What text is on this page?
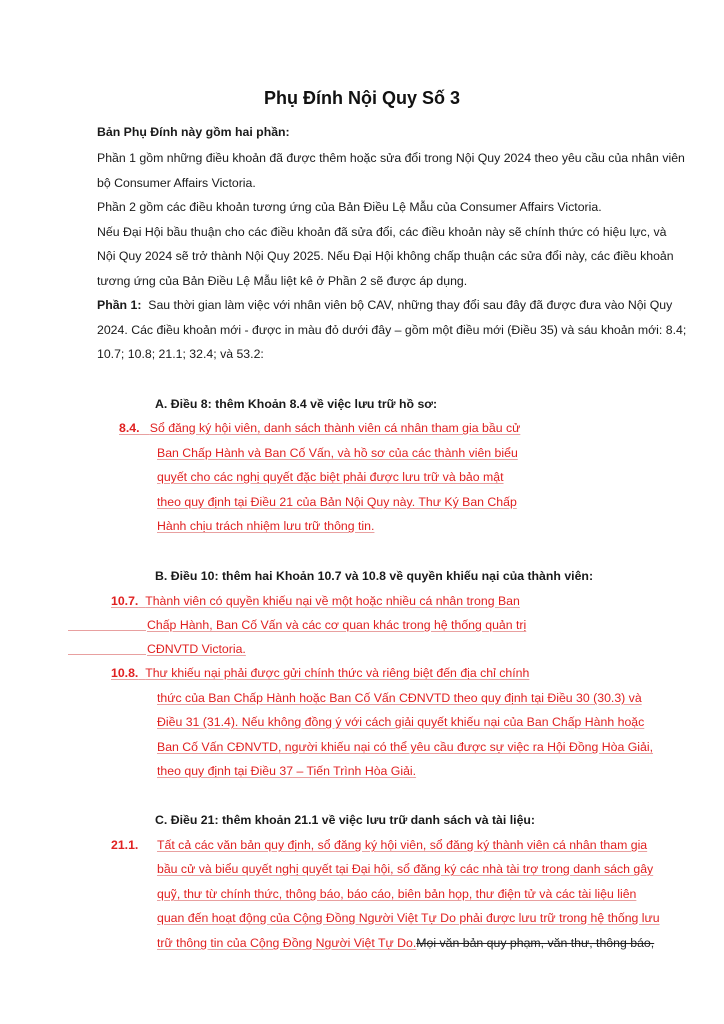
Phụ Đính Nội Quy Số 3
Bản Phụ Đính này gồm hai phần:
Phần 1 gồm những điều khoản đã được thêm hoặc sửa đổi trong Nội Quy 2024 theo yêu cầu của nhân viên
bộ Consumer Affairs Victoria.
Phần 2 gồm các điều khoản tương ứng của Bản Điều Lệ Mẫu của Consumer Affairs Victoria.
Nếu Đại Hội bầu thuận cho các điều khoản đã sửa đổi, các điều khoản này sẽ chính thức có hiệu lực, và
Nội Quy 2024 sẽ trở thành Nội Quy 2025. Nếu Đại Hội không chấp thuận các sửa đổi này, các điều khoản
tương ứng của Bản Điều Lệ Mẫu liệt kê ở Phần 2 sẽ được áp dụng.
Phần 1: Sau thời gian làm việc với nhân viên bộ CAV, những thay đổi sau đây đã được đưa vào Nội Quy
2024. Các điều khoản mới - được in màu đỏ dưới đây – gồm một điều mới (Điều 35) và sáu khoản mới: 8.4;
10.7; 10.8; 21.1; 32.4; và 53.2:
A. Điều 8: thêm Khoản 8.4 về việc lưu trữ hồ sơ:
8.4. Sổ đăng ký hội viên, danh sách thành viên cá nhân tham gia bầu cử
Ban Chấp Hành và Ban Cố Vấn, và hồ sơ của các thành viên biểu
quyết cho các nghị quyết đặc biệt phải được lưu trữ và bảo mật
theo quy định tại Điều 21 của Bản Nội Quy này. Thư Ký Ban Chấp
Hành chịu trách nhiệm lưu trữ thông tin.
B. Điều 10: thêm hai Khoản 10.7 và 10.8 về quyền khiếu nại của thành viên:
10.7. Thành viên có quyền khiếu nại về một hoặc nhiều cá nhân trong Ban
Chấp Hành, Ban Cố Vấn và các cơ quan khác trong hệ thống quản trị
CĐNVTD Victoria.
10.8. Thư khiếu nại phải được gửi chính thức và riêng biệt đến địa chỉ chính
thức của Ban Chấp Hành hoặc Ban Cố Vấn CĐNVTD theo quy định tại Điều 30 (30.3) và
Điều 31 (31.4). Nếu không đồng ý với cách giải quyết khiếu nại của Ban Chấp Hành hoặc
Ban Cố Vấn CĐNVTD, người khiếu nại có thể yêu cầu được sự việc ra Hội Đồng Hòa Giải,
theo quy định tại Điều 37 – Tiến Trình Hòa Giải.
C. Điều 21: thêm khoản 21.1 về việc lưu trữ danh sách và tài liệu:
21.1. Tất cả các văn bản quy định, sổ đăng ký hội viên, sổ đăng ký thành viên cá nhân tham gia
bầu cử và biểu quyết nghị quyết tại Đại hội, sổ đăng ký các nhà tài trợ trong danh sách gây
quỹ, thư từ chính thức, thông báo, báo cáo, biên bản họp, thư điện tử và các tài liệu liên
quan đến hoạt động của Cộng Đồng Người Việt Tự Do phải được lưu trữ trong hệ thống lưu
trữ thông tin của Cộng Đồng Người Việt Tự Do.Mọi văn bản quy phạm, văn thư, thông báo,
